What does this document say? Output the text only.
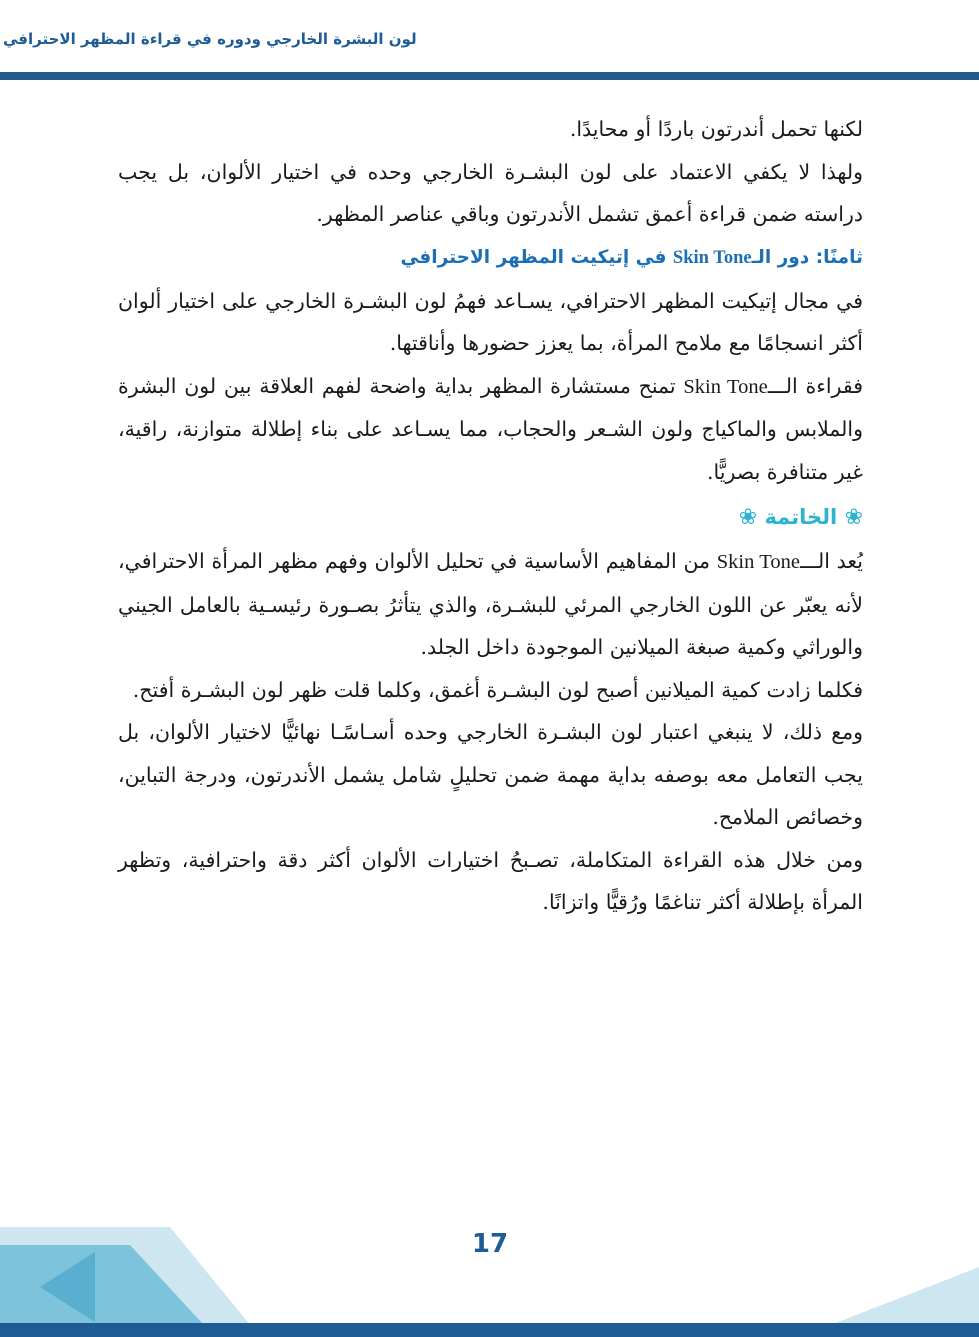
لون البشرة الخارجي ودوره في قراءة المظهر الاحترافي

لكنها تحمل أندرتون باردًا أو محايدًا.

ولهذا لا يكفي الاعتماد على لون البشـرة الخارجي وحده في اختيار الألوان، بل يجب دراسته ضمن قراءة أعمق تشمل الأندرتون وباقي عناصر المظهر.

ثامنًا: دور الـSkin Tone في إتيكيت المظهر الاحترافي

في مجال إتيكيت المظهر الاحترافي، يسـاعد فهمُ لون البشـرة الخارجي على اختيار ألوان أكثر انسجامًا مع ملامح المرأة، بما يعزز حضورها وأناقتها.

فقراءة الـــSkin Tone تمنح مستشارة المظهر بداية واضحة لفهم العلاقة بين لون البشرة والملابس والماكياج ولون الشـعر والحجاب، مما يسـاعد على بناء إطلالة متوازنة، راقية، غير متنافرة بصريًّا.

❀ الخاتمة ❀

يُعد الـــSkin Tone من المفاهيم الأساسية في تحليل الألوان وفهم مظهر المرأة الاحترافي، لأنه يعبّر عن اللون الخارجي المرئي للبشـرة، والذي يتأثرُ بصـورة رئيسـية بالعامل الجيني والوراثي وكمية صبغة الميلانين الموجودة داخل الجلد.

فكلما زادت كمية الميلانين أصبح لون البشـرة أغمق، وكلما قلت ظهر لون البشـرة أفتح.

ومع ذلك، لا ينبغي اعتبار لون البشـرة الخارجي وحده أسـاسًـا نهائيًّا لاختيار الألوان، بل يجب التعامل معه بوصفه بداية مهمة ضمن تحليلٍ شامل يشمل الأندرتون، ودرجة التباين، وخصائص الملامح.

ومن خلال هذه القراءة المتكاملة، تصـبحُ اختيارات الألوان أكثر دقة واحترافية، وتظهر المرأة بإطلالة أكثر تناغمًا ورُقيًّا واتزانًا.

17
